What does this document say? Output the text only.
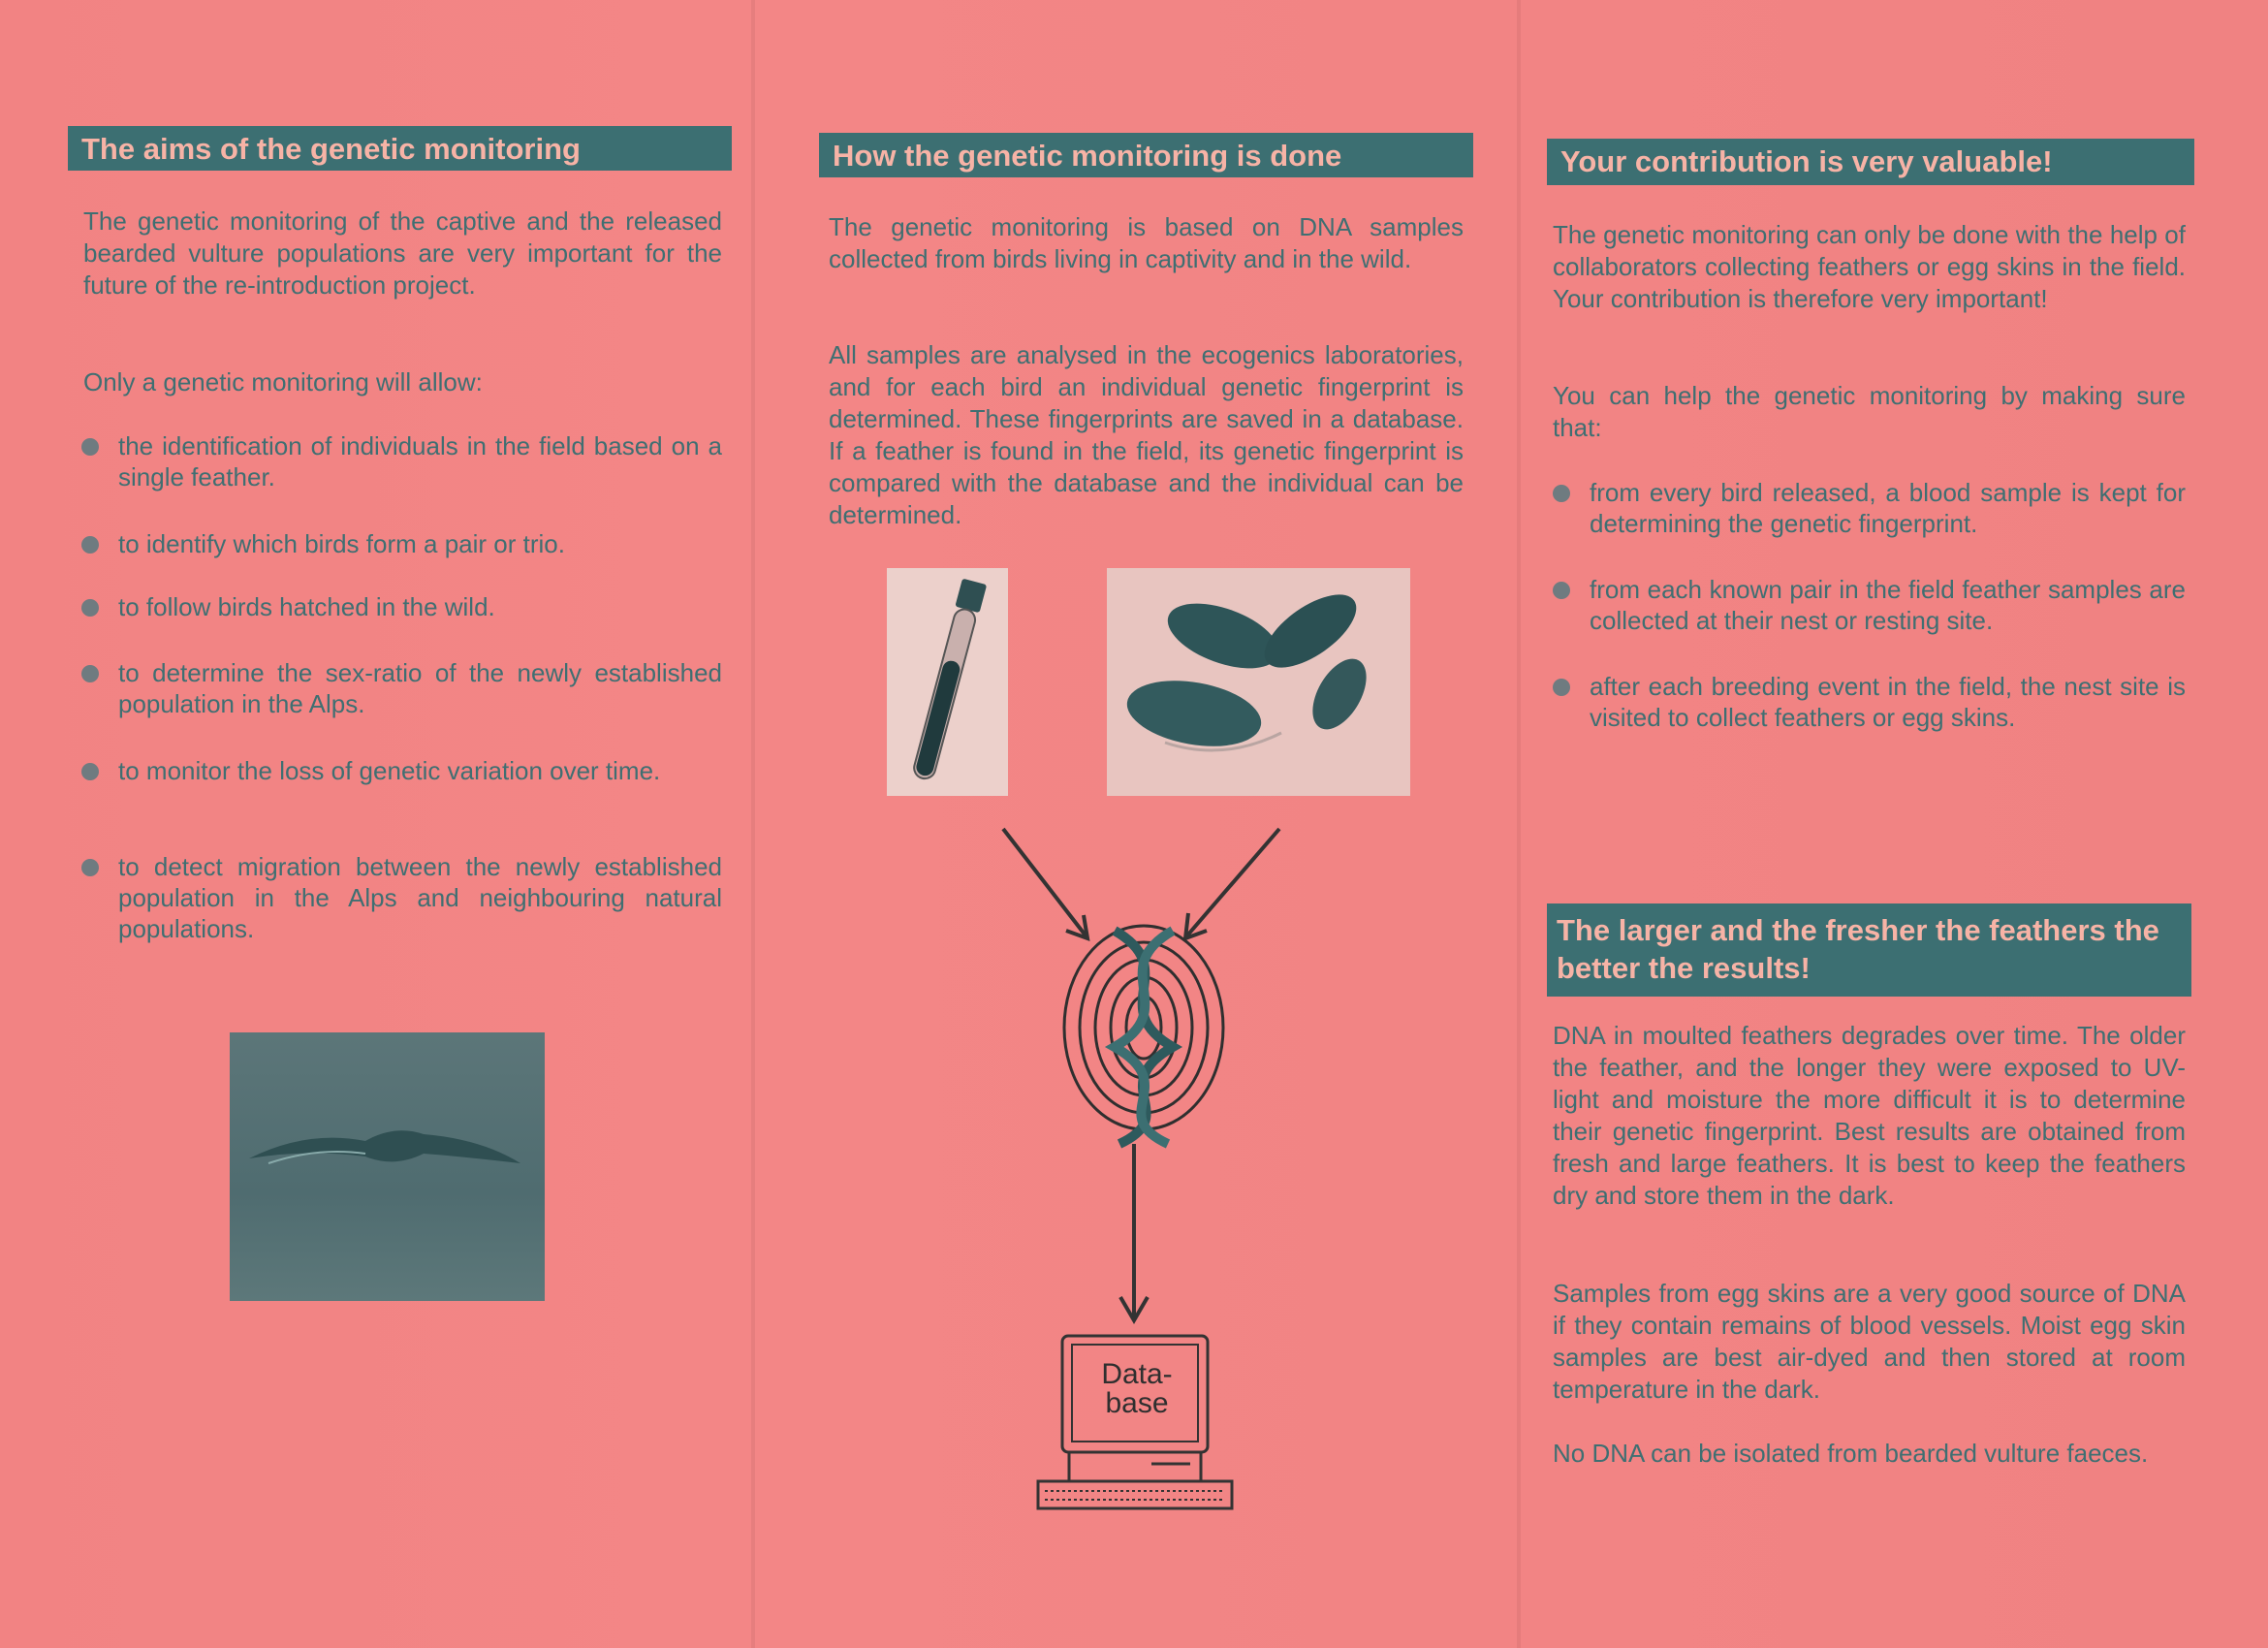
The aims of the genetic monitoring

The genetic monitoring of the captive and the released bearded vulture populations are very important for the future of the re-introduction project.

Only a genetic monitoring will allow:

the identification of individuals in the field based on a single feather.
to identify which birds form a pair or trio.
to follow birds hatched in the wild.
to determine the sex-ratio of the newly established population in the Alps.
to monitor the loss of genetic variation over time.
to detect migration between the newly established population in the Alps and neighbouring natural populations.
How the genetic monitoring is done

The genetic monitoring is based on DNA samples collected from birds living in captivity and in the wild.

All samples are analysed in the ecogenics laboratories, and for each bird an individual genetic fingerprint is determined. These fingerprints are saved in a database. If a feather is found in the field, its genetic fingerprint is compared with the database and the individual can be determined.

Data-
base
Your contribution is very valuable!

The genetic monitoring can only be done with the help of collaborators collecting feathers or egg skins in the field. Your contribution is therefore very important!

You can help the genetic monitoring by making sure that:

from every bird released, a blood sample is kept for determining the genetic fingerprint.
from each known pair in the field feather samples are collected at their nest or resting site.
after each breeding event in the field, the nest site is visited to collect feathers or egg skins.
The larger and the fresher the feathers the better the results!

DNA in moulted feathers degrades over time. The older the feather, and the longer they were exposed to UV-light and moisture the more difficult it is to determine their genetic fingerprint. Best results are obtained from fresh and large feathers. It is best to keep the feathers dry and store them in the dark.

Samples from egg skins are a very good source of DNA if they contain remains of blood vessels. Moist egg skin samples are best air-dyed and then stored at room temperature in the dark.

No DNA can be isolated from bearded vulture faeces.
